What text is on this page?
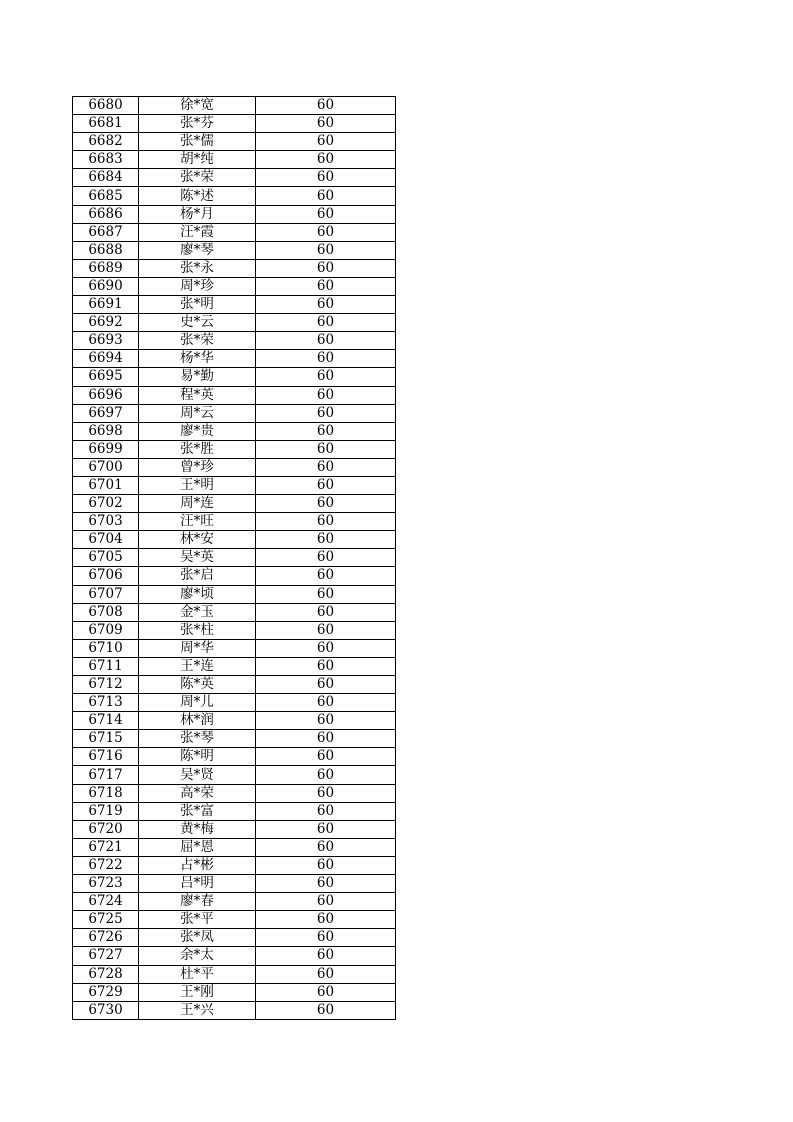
6680	徐*宽	60
6681	张*芬	60
6682	张*儒	60
6683	胡*纯	60
6684	张*荣	60
6685	陈*述	60
6686	杨*月	60
6687	汪*霞	60
6688	廖*琴	60
6689	张*永	60
6690	周*珍	60
6691	张*明	60
6692	史*云	60
6693	张*荣	60
6694	杨*华	60
6695	易*勤	60
6696	程*英	60
6697	周*云	60
6698	廖*贵	60
6699	张*胜	60
6700	曾*珍	60
6701	王*明	60
6702	周*连	60
6703	汪*旺	60
6704	林*安	60
6705	吴*英	60
6706	张*启	60
6707	廖*顷	60
6708	金*玉	60
6709	张*柱	60
6710	周*华	60
6711	王*连	60
6712	陈*英	60
6713	周*儿	60
6714	林*润	60
6715	张*琴	60
6716	陈*明	60
6717	吴*贤	60
6718	高*荣	60
6719	张*富	60
6720	黄*梅	60
6721	屈*恩	60
6722	占*彬	60
6723	吕*明	60
6724	廖*春	60
6725	张*平	60
6726	张*凤	60
6727	余*太	60
6728	杜*平	60
6729	王*刚	60
6730	王*兴	60
